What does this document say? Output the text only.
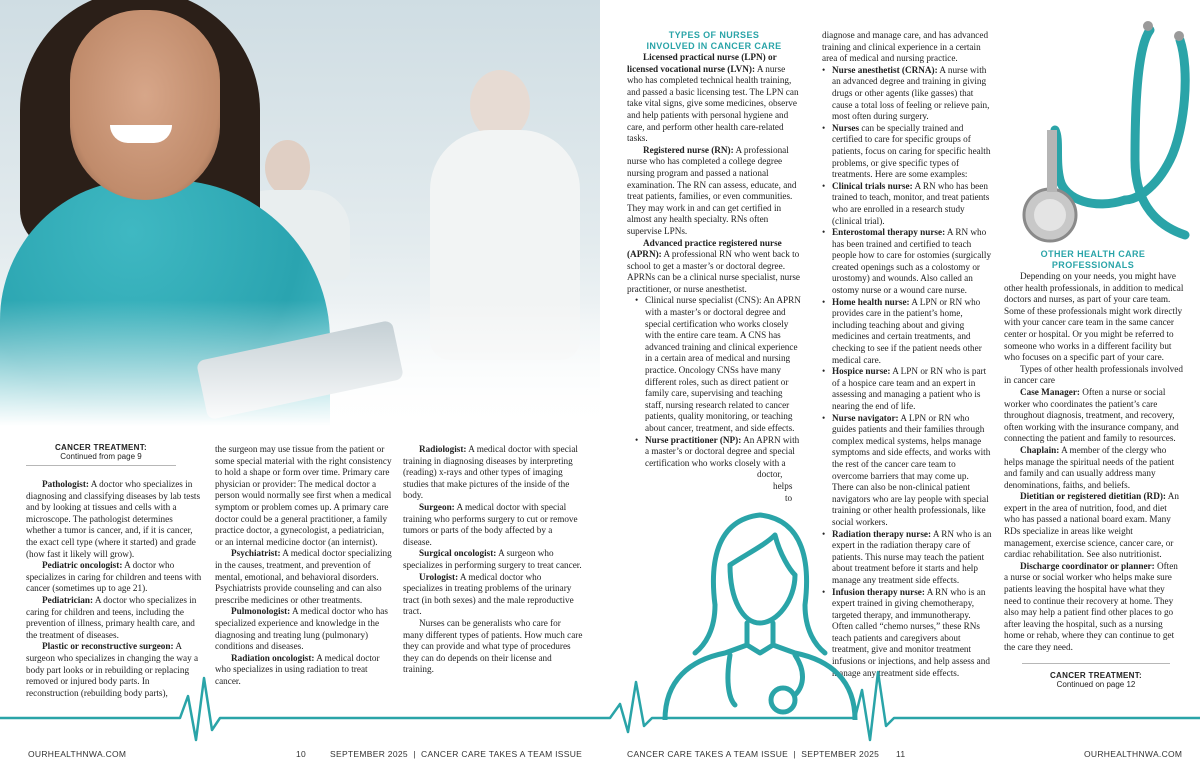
CANCER TREATMENT:
Continued from page 9

Pathologist: A doctor who specializes in diagnosing and classifying diseases by lab tests and by looking at tissues and cells with a microscope. The pathologist determines whether a tumor is cancer, and, if it is cancer, the exact cell type (where it started) and grade (how fast it likely will grow).

Pediatric oncologist: A doctor who specializes in caring for children and teens with cancer (sometimes up to age 21).

Pediatrician: A doctor who specializes in caring for children and teens, including the prevention of illness, primary health care, and the treatment of diseases.

Plastic or reconstructive surgeon: A surgeon who specializes in changing the way a body part looks or in rebuilding or replacing removed or injured body parts. In reconstruction (rebuilding body parts),

the surgeon may use tissue from the patient or some special material with the right consistency to hold a shape or form over time. Primary care physician or provider: The medical doctor a person would normally see first when a medical symptom or problem comes up. A primary care doctor could be a general practitioner, a family practice doctor, a gynecologist, a pediatrician, or an internal medicine doctor (an internist).

Psychiatrist: A medical doctor specializing in the causes, treatment, and prevention of mental, emotional, and behavioral disorders. Psychiatrists provide counseling and can also prescribe medicines or other treatments.

Pulmonologist: A medical doctor who has specialized experience and knowledge in the diagnosing and treating lung (pulmonary) conditions and diseases.

Radiation oncologist: A medical doctor who specializes in using radiation to treat cancer.

Radiologist: A medical doctor with special training in diagnosing diseases by interpreting (reading) x-rays and other types of imaging studies that make pictures of the inside of the body.

Surgeon: A medical doctor with special training who performs surgery to cut or remove tumors or parts of the body affected by a disease.

Surgical oncologist: A surgeon who specializes in performing surgery to treat cancer.

Urologist: A medical doctor who specializes in treating problems of the urinary tract (in both sexes) and the male reproductive tract.

Nurses can be generalists who care for many different types of patients. How much care they can provide and what type of procedures they can do depends on their license and training.

TYPES OF NURSES
INVOLVED IN CANCER CARE

Licensed practical nurse (LPN) or licensed vocational nurse (LVN): A nurse who has completed technical health training, and passed a basic licensing test. The LPN can take vital signs, give some medicines, observe and help patients with personal hygiene and care, and perform other health care-related tasks.

Registered nurse (RN): A professional nurse who has completed a college degree nursing program and passed a national examination. The RN can assess, educate, and treat patients, families, or even communities. They may work in and can get certified in almost any health specialty. RNs often supervise LPNs.

Advanced practice registered nurse (APRN): A professional RN who went back to school to get a master’s or doctoral degree. APRNs can be a clinical nurse specialist, nurse practitioner, or nurse anesthetist.

• Clinical nurse specialist (CNS): An APRN with a master’s or doctoral degree and special certification who works closely with the entire care team. A CNS has advanced training and clinical experience in a certain area of medical and nursing practice. Oncology CNSs have many different roles, such as direct patient or family care, supervising and teaching staff, nursing research related to cancer patients, quality monitoring, or teaching about cancer, treatment, and side effects.
• Nurse practitioner (NP): An APRN with a master’s or doctoral degree and special certification who works closely with a
doctor,
helps
to

diagnose and manage care, and has advanced training and clinical experience in a certain area of medical and nursing practice.

• Nurse anesthetist (CRNA): A nurse with an advanced degree and training in giving drugs or other agents (like gasses) that cause a total loss of feeling or relieve pain, most often during surgery.
• Nurses can be specially trained and certified to care for specific groups of patients, focus on caring for specific health problems, or give specific types of treatments. Here are some examples:
• Clinical trials nurse: A RN who has been trained to teach, monitor, and treat patients who are enrolled in a research study (clinical trial).
• Enterostomal therapy nurse: A RN who has been trained and certified to teach people how to care for ostomies (surgically created openings such as a colostomy or urostomy) and wounds. Also called an ostomy nurse or a wound care nurse.
• Home health nurse: A LPN or RN who provides care in the patient’s home, including teaching about and giving medicines and certain treatments, and checking to see if the patient needs other medical care.
• Hospice nurse: A LPN or RN who is part of a hospice care team and an expert in assessing and managing a patient who is nearing the end of life.
• Nurse navigator: A LPN or RN who guides patients and their families through complex medical systems, helps manage symptoms and side effects, and works with the rest of the cancer care team to overcome barriers that may come up. There can also be non-clinical patient navigators who are lay people with special training or other health professionals, like social workers.
• Radiation therapy nurse: A RN who is an expert in the radiation therapy care of patients. This nurse may teach the patient about treatment before it starts and help manage any treatment side effects.
• Infusion therapy nurse: A RN who is an expert trained in giving chemotherapy, targeted therapy, and immunotherapy. Often called “chemo nurses,” these RNs teach patients and caregivers about treatment, give and monitor treatment infusions or injections, and help assess and manage any treatment side effects.
OTHER HEALTH CARE
PROFESSIONALS

Depending on your needs, you might have other health professionals, in addition to medical doctors and nurses, as part of your care team. Some of these professionals might work directly with your cancer care team in the same cancer center or hospital. Or you might be referred to someone who works in a different facility but who focuses on a specific part of your care.

Types of other health professionals involved in cancer care

Case Manager: Often a nurse or social worker who coordinates the patient’s care throughout diagnosis, treatment, and recovery, often working with the insurance company, and connecting the patient and family to resources.

Chaplain: A member of the clergy who helps manage the spiritual needs of the patient and family and can usually address many denominations, faiths, and beliefs.

Dietitian or registered dietitian (RD): An expert in the area of nutrition, food, and diet who has passed a national board exam. Many RDs specialize in areas like weight management, exercise science, cancer care, or cardiac rehabilitation. See also nutritionist.

Discharge coordinator or planner: Often a nurse or social worker who helps make sure patients leaving the hospital have what they need to continue their recovery at home. They also may help a patient find other places to go after leaving the hospital, such as a nursing home or rehab, where they can continue to get the care they need.

CANCER TREATMENT:
Continued on page 12
OURHEALTHNWA.COM	10	SEPTEMBER 2025  |  CANCER CARE TAKES A TEAM ISSUE	CANCER CARE TAKES A TEAM ISSUE  |  SEPTEMBER 2025 11	OURHEALTHNWA.COM
